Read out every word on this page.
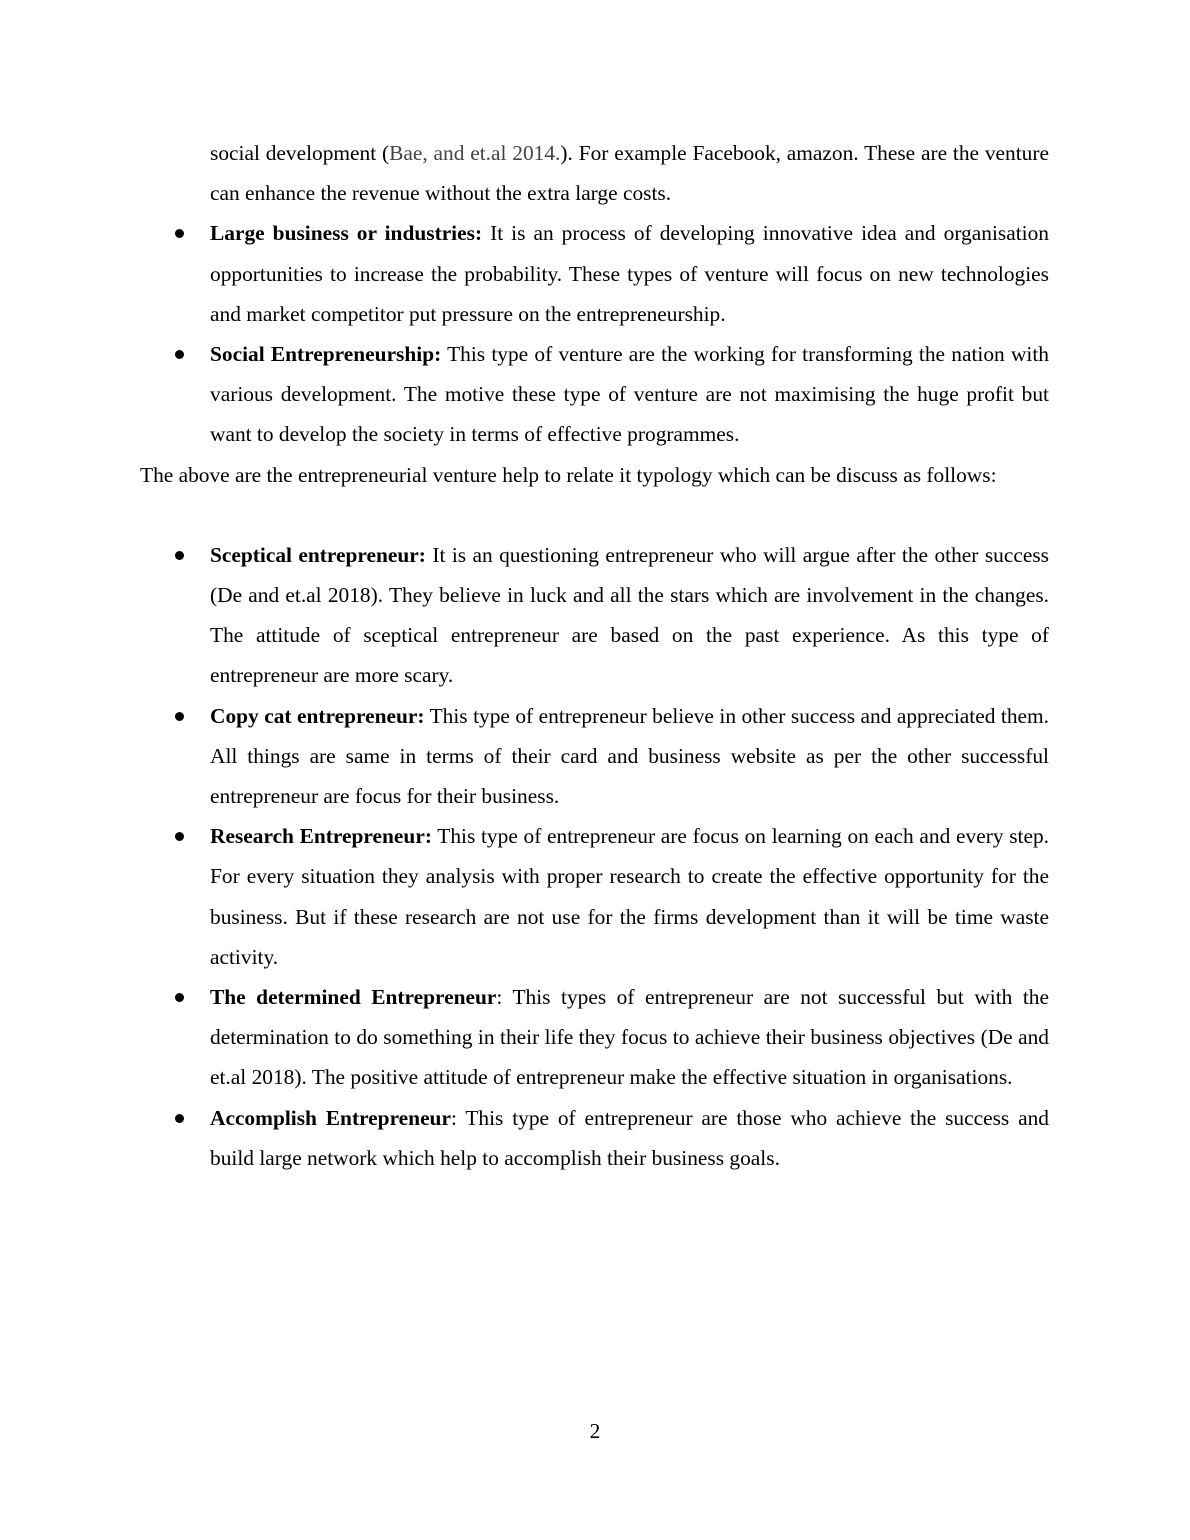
social development (Bae, and et.al 2014.). For example Facebook, amazon. These are the venture can enhance the revenue without the extra large costs.

Large business or industries: It is an process of developing innovative idea and organisation opportunities to increase the probability. These types of venture will focus on new technologies and market competitor put pressure on the entrepreneurship.
Social Entrepreneurship: This type of venture are the working for transforming the nation with various development. The motive these type of venture are not maximising the huge profit but want to develop the society in terms of effective programmes.

The above are the entrepreneurial venture help to relate it typology which can be discuss as follows:

Sceptical entrepreneur: It is an questioning entrepreneur who will argue after the other success (De and et.al 2018). They believe in luck and all the stars which are involvement in the changes. The attitude of sceptical entrepreneur are based on the past experience. As this type of entrepreneur are more scary.
Copy cat entrepreneur: This type of entrepreneur believe in other success and appreciated them. All things are same in terms of their card and business website as per the other successful entrepreneur are focus for their business.
Research Entrepreneur: This type of entrepreneur are focus on learning on each and every step. For every situation they analysis with proper research to create the effective opportunity for the business. But if these research are not use for the firms development than it will be time waste activity.
The determined Entrepreneur: This types of entrepreneur are not successful but with the determination to do something in their life they focus to achieve their business objectives (De and et.al 2018). The positive attitude of entrepreneur make the effective situation in organisations.
Accomplish Entrepreneur: This type of entrepreneur are those who achieve the success and build large network which help to accomplish their business goals.
2
